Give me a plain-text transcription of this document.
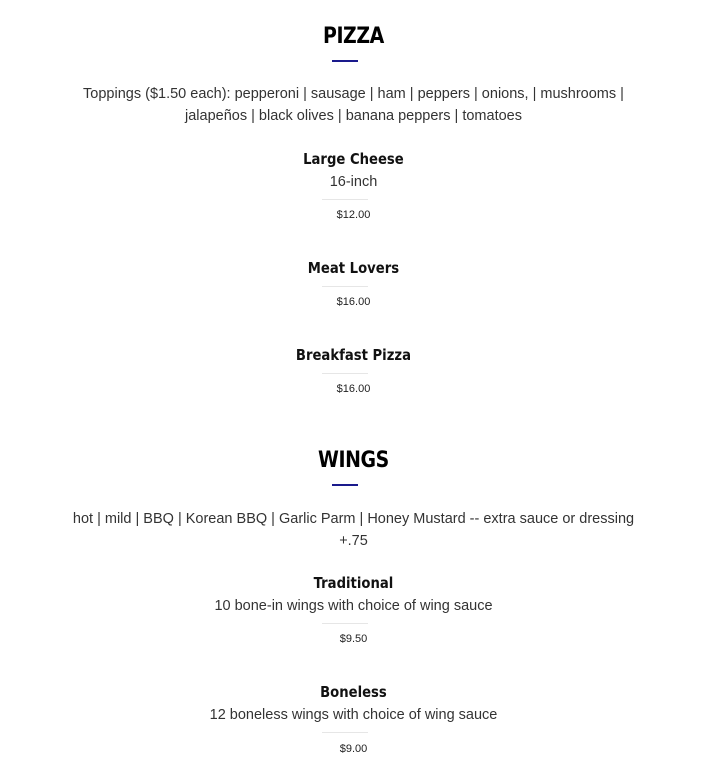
PIZZA

Toppings ($1.50 each): pepperoni | sausage | ham | peppers | onions, | mushrooms | jalapeños | black olives | banana peppers | tomatoes

Large Cheese

16-inch

$12.00
Meat Lovers
$16.00
Breakfast Pizza
$16.00
WINGS

hot | mild | BBQ | Korean BBQ | Garlic Parm | Honey Mustard -- extra sauce or dressing +.75

Traditional

10 bone-in wings with choice of wing sauce

$9.50
Boneless

12 boneless wings with choice of wing sauce

$9.00
